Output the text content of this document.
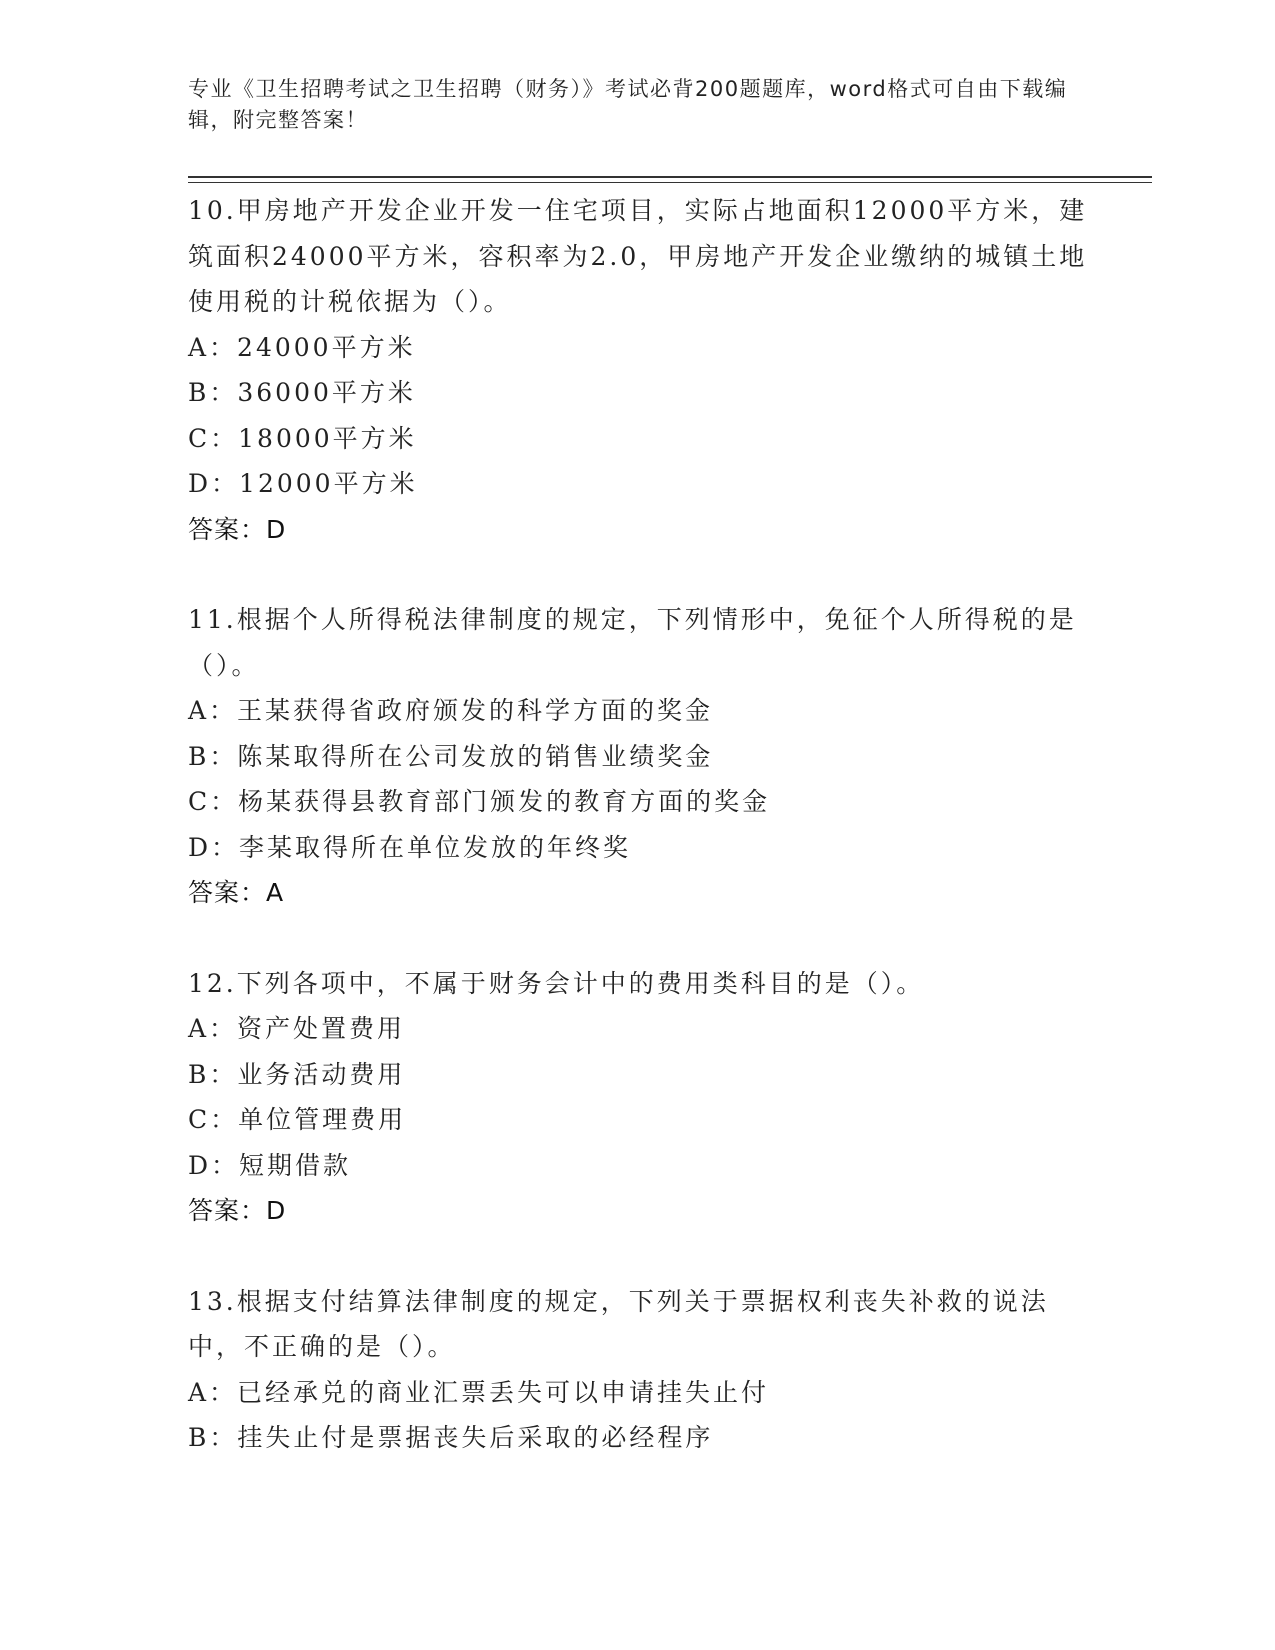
专业《卫生招聘考试之卫生招聘（财务）》考试必背200题题库，word格式可自由下载编辑，附完整答案！

10.甲房地产开发企业开发一住宅项目，实际占地面积12000平方米，建筑面积24000平方米，容积率为2.0，甲房地产开发企业缴纳的城镇土地使用税的计税依据为（）。

A：24000平方米

B：36000平方米

C：18000平方米

D：12000平方米

答案：D

11.根据个人所得税法律制度的规定，下列情形中，免征个人所得税的是（）。

A：王某获得省政府颁发的科学方面的奖金

B：陈某取得所在公司发放的销售业绩奖金

C：杨某获得县教育部门颁发的教育方面的奖金

D：李某取得所在单位发放的年终奖

答案：A

12.下列各项中，不属于财务会计中的费用类科目的是（）。

A：资产处置费用

B：业务活动费用

C：单位管理费用

D：短期借款

答案：D

13.根据支付结算法律制度的规定，下列关于票据权利丧失补救的说法中，不正确的是（）。

A：已经承兑的商业汇票丢失可以申请挂失止付

B：挂失止付是票据丧失后采取的必经程序
